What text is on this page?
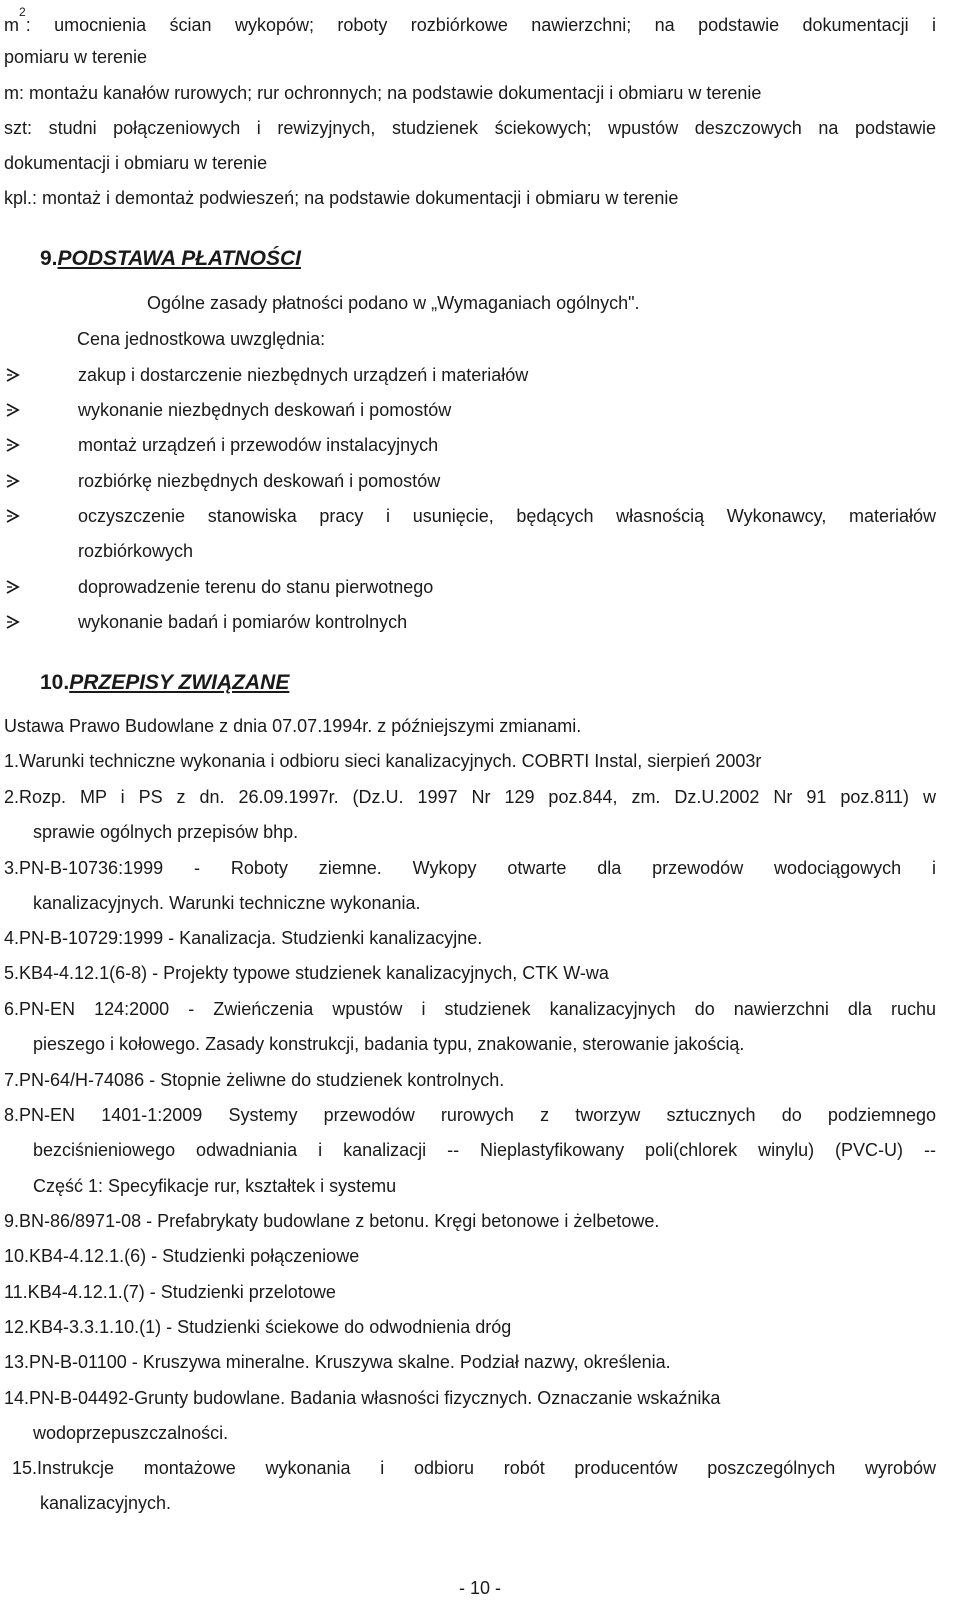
$m^2$: umocnienia ścian wykopów; roboty rozbiórkowe nawierzchni; na podstawie dokumentacji i
pomiaru w terenie
m: montażu kanałów rurowych; rur ochronnych; na podstawie dokumentacji i obmiaru w terenie
szt: studni połączeniowych i rewizyjnych, studzienek ściekowych; wpustów deszczowych na podstawie
dokumentacji i obmiaru w terenie
kpl.: montaż i demontaż podwieszeń; na podstawie dokumentacji i obmiaru w terenie
9.PODSTAWA PŁATNOŚCI
Ogólne zasady płatności podano w „Wymaganiach ogólnych".
Cena jednostkowa uwzględnia:
zakup i dostarczenie niezbędnych urządzeń i materiałów
wykonanie niezbędnych deskowań i pomostów
montaż urządzeń i przewodów instalacyjnych
rozbiórkę niezbędnych deskowań i pomostów
oczyszczenie stanowiska pracy i usunięcie, będących własnością Wykonawcy, materiałów
rozbiórkowych
doprowadzenie terenu do stanu pierwotnego
wykonanie badań i pomiarów kontrolnych
10.PRZEPISY ZWIĄZANE
Ustawa Prawo Budowlane z dnia 07.07.1994r. z późniejszymi zmianami.
1.Warunki techniczne wykonania i odbioru sieci kanalizacyjnych. COBRTI Instal, sierpień 2003r
2.Rozp. MP i PS z dn. 26.09.1997r. (Dz.U. 1997 Nr 129 poz.844, zm. Dz.U.2002 Nr 91 poz.811) w
sprawie ogólnych przepisów bhp.
3.PN-B-10736:1999 - Roboty ziemne. Wykopy otwarte dla przewodów wodociągowych i
kanalizacyjnych. Warunki techniczne wykonania.
4.PN-B-10729:1999 - Kanalizacja. Studzienki kanalizacyjne.
5.KB4-4.12.1(6-8) - Projekty typowe studzienek kanalizacyjnych, CTK W-wa
6.PN-EN 124:2000 - Zwieńczenia wpustów i studzienek kanalizacyjnych do nawierzchni dla ruchu
pieszego i kołowego. Zasady konstrukcji, badania typu, znakowanie, sterowanie jakością.
7.PN-64/H-74086 - Stopnie żeliwne do studzienek kontrolnych.
8.PN-EN 1401-1:2009 Systemy przewodów rurowych z tworzyw sztucznych do podziemnego
bezciśnieniowego odwadniania i kanalizacji -- Nieplastyfikowany poli(chlorek winylu) (PVC-U) --
Część 1: Specyfikacje rur, kształtek i systemu
9.BN-86/8971-08 - Prefabrykaty budowlane z betonu. Kręgi betonowe i żelbetowe.
10.KB4-4.12.1.(6) - Studzienki połączeniowe
11.KB4-4.12.1.(7) - Studzienki przelotowe
12.KB4-3.3.1.10.(1) - Studzienki ściekowe do odwodnienia dróg
13.PN-B-01100 - Kruszywa mineralne. Kruszywa skalne. Podział nazwy, określenia.
14.PN-B-04492-Grunty budowlane. Badania własności fizycznych. Oznaczanie wskaźnika
wodoprzepuszczalności.
15.Instrukcje montażowe wykonania i odbioru robót producentów poszczególnych wyrobów
kanalizacyjnych.
- 10 -
